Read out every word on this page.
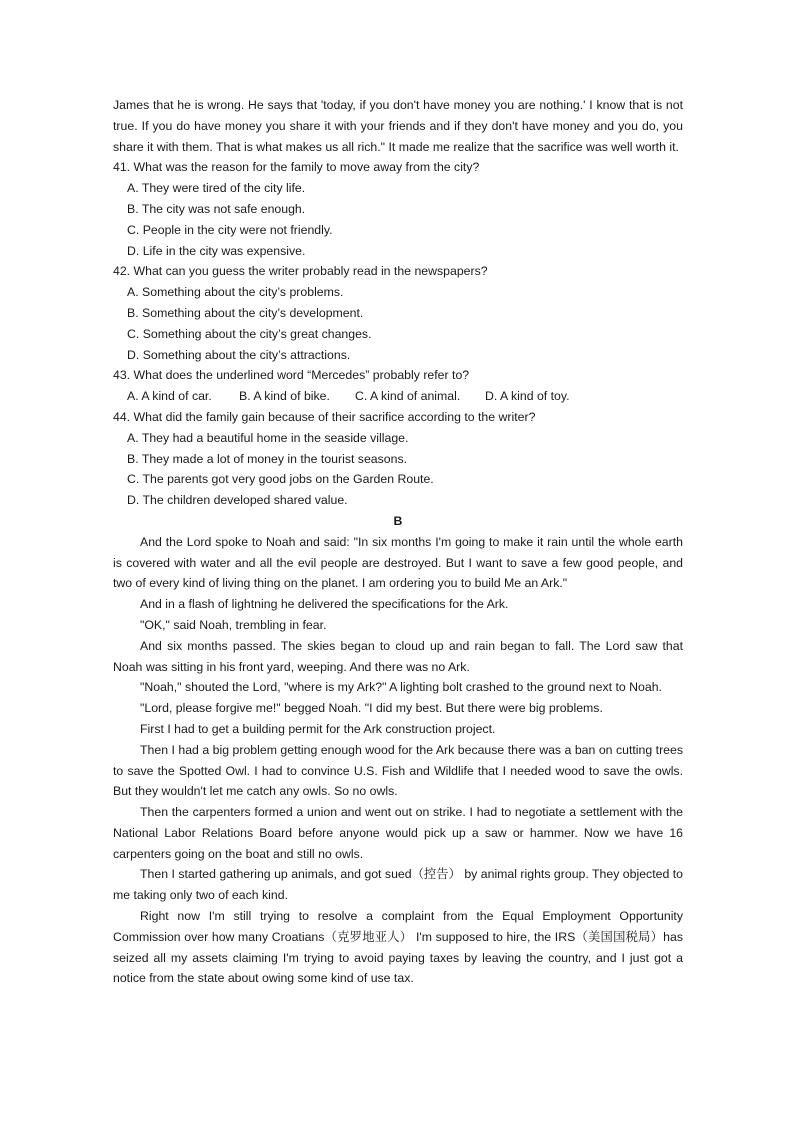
James that he is wrong. He says that 'today, if you don't have money you are nothing.' I know that is not true. If you do have money you share it with your friends and if they don't have money and you do, you share it with them. That is what makes us all rich." It made me realize that the sacrifice was well worth it.

41. What was the reason for the family to move away from the city?

A. They were tired of the city life.

B. The city was not safe enough.

C. People in the city were not friendly.

D. Life in the city was expensive.

42. What can you guess the writer probably read in the newspapers?

A. Something about the city’s problems.

B. Something about the city’s development.

C. Something about the city’s great changes.

D. Something about the city’s attractions.

43. What does the underlined word “Mercedes” probably refer to?

A. A kind of car. B. A kind of bike. C. A kind of animal. D. A kind of toy.

44. What did the family gain because of their sacrifice according to the writer?

A. They had a beautiful home in the seaside village.

B. They made a lot of money in the tourist seasons.

C. The parents got very good jobs on the Garden Route.

D. The children developed shared value.

B

And the Lord spoke to Noah and said: "In six months I'm going to make it rain until the whole earth is covered with water and all the evil people are destroyed. But I want to save a few good people, and two of every kind of living thing on the planet. I am ordering you to build Me an Ark."

And in a flash of lightning he delivered the specifications for the Ark.

"OK," said Noah, trembling in fear.

And six months passed. The skies began to cloud up and rain began to fall. The Lord saw that Noah was sitting in his front yard, weeping. And there was no Ark.

"Noah," shouted the Lord, "where is my Ark?" A lighting bolt crashed to the ground next to Noah.

"Lord, please forgive me!" begged Noah. "I did my best. But there were big problems.

First I had to get a building permit for the Ark construction project.

Then I had a big problem getting enough wood for the Ark because there was a ban on cutting trees to save the Spotted Owl. I had to convince U.S. Fish and Wildlife that I needed wood to save the owls. But they wouldn't let me catch any owls. So no owls.

Then the carpenters formed a union and went out on strike. I had to negotiate a settlement with the National Labor Relations Board before anyone would pick up a saw or hammer. Now we have 16 carpenters going on the boat and still no owls.

Then I started gathering up animals, and got sued（控告） by animal rights group. They objected to me taking only two of each kind.

Right now I'm still trying to resolve a complaint from the Equal Employment Opportunity Commission over how many Croatians（克罗地亚人） I'm supposed to hire, the IRS（美国国税局）has seized all my assets claiming I'm trying to avoid paying taxes by leaving the country, and I just got a notice from the state about owing some kind of use tax.
